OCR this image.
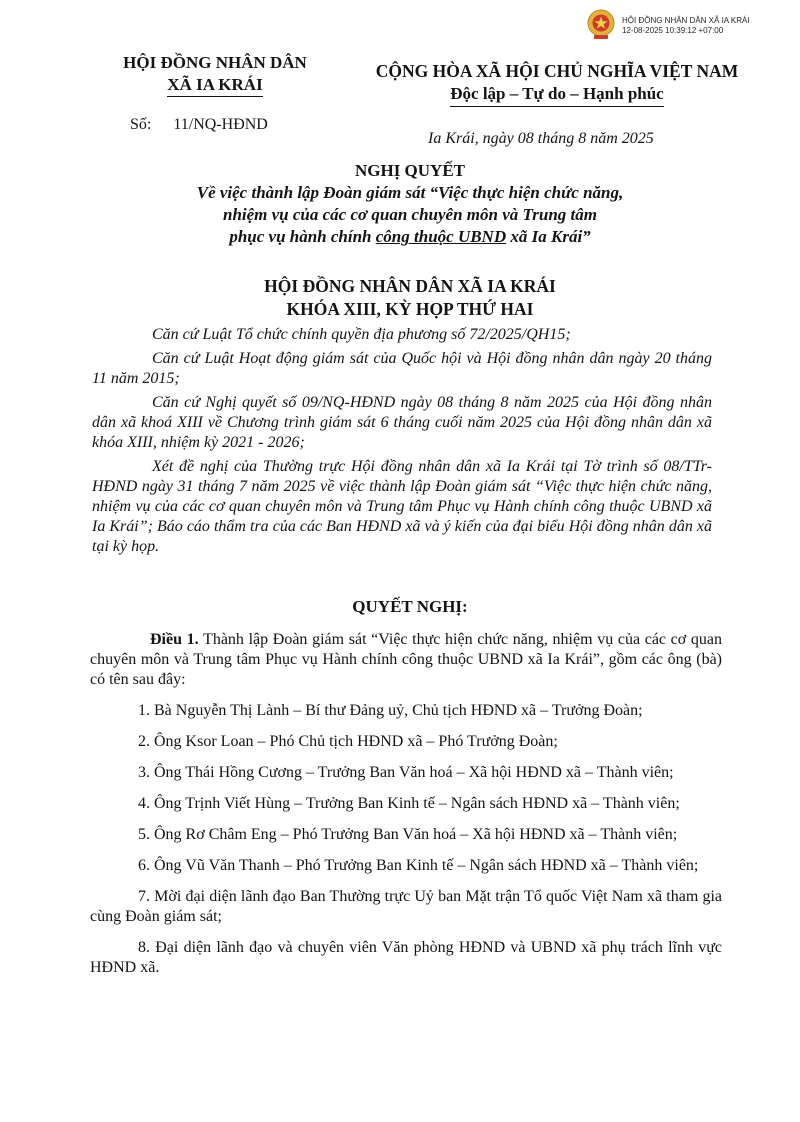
HỘI ĐỒNG NHÂN DÂN XÃ IA KRÁI
12-08-2025 10:39:12 +07:00
HỘI ĐỒNG NHÂN DÂN
XÃ IA KRÁI
Số: 11/NQ-HĐND
CỘNG HÒA XÃ HỘI CHỦ NGHĨA VIỆT NAM
Độc lập – Tự do – Hạnh phúc
Ia Krái, ngày 08 tháng 8 năm 2025
NGHỊ QUYẾT
Về việc thành lập Đoàn giám sát “Việc thực hiện chức năng,
nhiệm vụ của các cơ quan chuyên môn và Trung tâm
phục vụ hành chính công thuộc UBND xã Ia Krái”
HỘI ĐỒNG NHÂN DÂN XÃ IA KRÁI
KHÓA XIII, KỲ HỌP THỨ HAI

Căn cứ Luật Tổ chức chính quyền địa phương số 72/2025/QH15;

Căn cứ Luật Hoạt động giám sát của Quốc hội và Hội đồng nhân dân ngày 20 tháng 11 năm 2015;

Căn cứ Nghị quyết số 09/NQ-HĐND ngày 08 tháng 8 năm 2025 của Hội đồng nhân dân xã khoá XIII về Chương trình giám sát 6 tháng cuối năm 2025 của Hội đồng nhân dân xã khóa XIII, nhiệm kỳ 2021 - 2026;

Xét đề nghị của Thường trực Hội đồng nhân dân xã Ia Krái tại Tờ trình số 08/TTr-HĐND ngày 31 tháng 7 năm 2025 về việc thành lập Đoàn giám sát “Việc thực hiện chức năng, nhiệm vụ của các cơ quan chuyên môn và Trung tâm Phục vụ Hành chính công thuộc UBND xã Ia Krái”; Báo cáo thẩm tra của các Ban HĐND xã và ý kiến của đại biểu Hội đồng nhân dân xã tại kỳ họp.

QUYẾT NGHỊ:

Điều 1. Thành lập Đoàn giám sát “Việc thực hiện chức năng, nhiệm vụ của các cơ quan chuyên môn và Trung tâm Phục vụ Hành chính công thuộc UBND xã Ia Krái”, gồm các ông (bà) có tên sau đây:

1. Bà Nguyễn Thị Lành – Bí thư Đảng uỷ, Chủ tịch HĐND xã – Trưởng Đoàn;

2. Ông Ksor Loan – Phó Chủ tịch HĐND xã – Phó Trưởng Đoàn;

3. Ông Thái Hồng Cương – Trưởng Ban Văn hoá – Xã hội HĐND xã – Thành viên;

4. Ông Trịnh Viết Hùng – Trưởng Ban Kinh tế – Ngân sách HĐND xã – Thành viên;

5. Ông Rơ Châm Eng – Phó Trưởng Ban Văn hoá – Xã hội HĐND xã – Thành viên;

6. Ông Vũ Văn Thanh – Phó Trưởng Ban Kinh tế – Ngân sách HĐND xã – Thành viên;

7. Mời đại diện lãnh đạo Ban Thường trực Uỷ ban Mặt trận Tổ quốc Việt Nam xã tham gia cùng Đoàn giám sát;

8. Đại diện lãnh đạo và chuyên viên Văn phòng HĐND và UBND xã phụ trách lĩnh vực HĐND xã.
